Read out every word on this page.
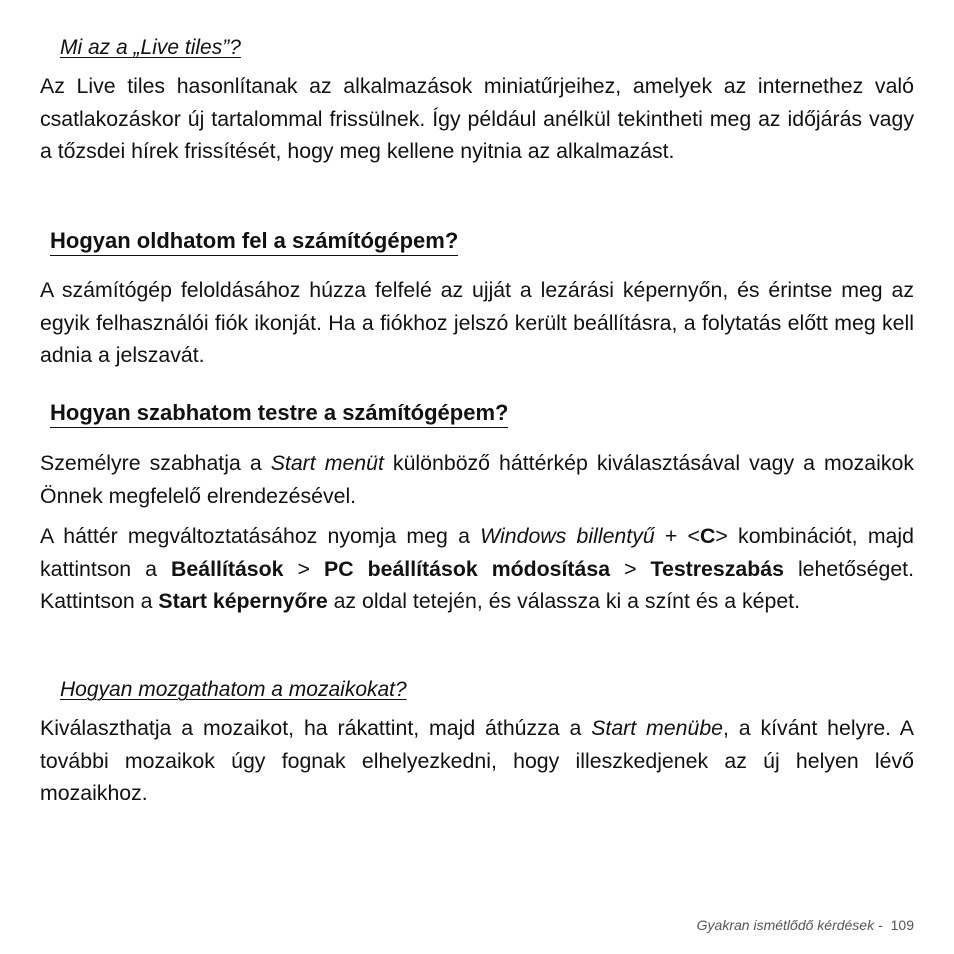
Mi az a „Live tiles”?

Az Live tiles hasonlítanak az alkalmazások miniatűrjeihez, amelyek az internethez való csatlakozáskor új tartalommal frissülnek. Így például anélkül tekintheti meg az időjárás vagy a tőzsdei hírek frissítését, hogy meg kellene nyitnia az alkalmazást.

Hogyan oldhatom fel a számítógépem?

A számítógép feloldásához húzza felfelé az ujját a lezárási képernyőn, és érintse meg az egyik felhasználói fiók ikonját. Ha a fiókhoz jelszó került beállításra, a folytatás előtt meg kell adnia a jelszavát.

Hogyan szabhatom testre a számítógépem?

Személyre szabhatja a Start menüt különböző háttérkép kiválasztásával vagy a mozaikok Önnek megfelelő elrendezésével.

A háttér megváltoztatásához nyomja meg a Windows billentyű + <C> kombinációt, majd kattintson a Beállítások > PC beállítások módosítása > Testreszabás lehetőséget. Kattintson a Start képernyőre az oldal tetején, és válassza ki a színt és a képet.

Hogyan mozgathatom a mozaikokat?

Kiválaszthatja a mozaikot, ha rákattint, majd áthúzza a Start menübe, a kívánt helyre. A további mozaikok úgy fognak elhelyezkedni, hogy illeszkedjenek az új helyen lévő mozaikhoz.

Gyakran ismétlődő kérdések - 109
